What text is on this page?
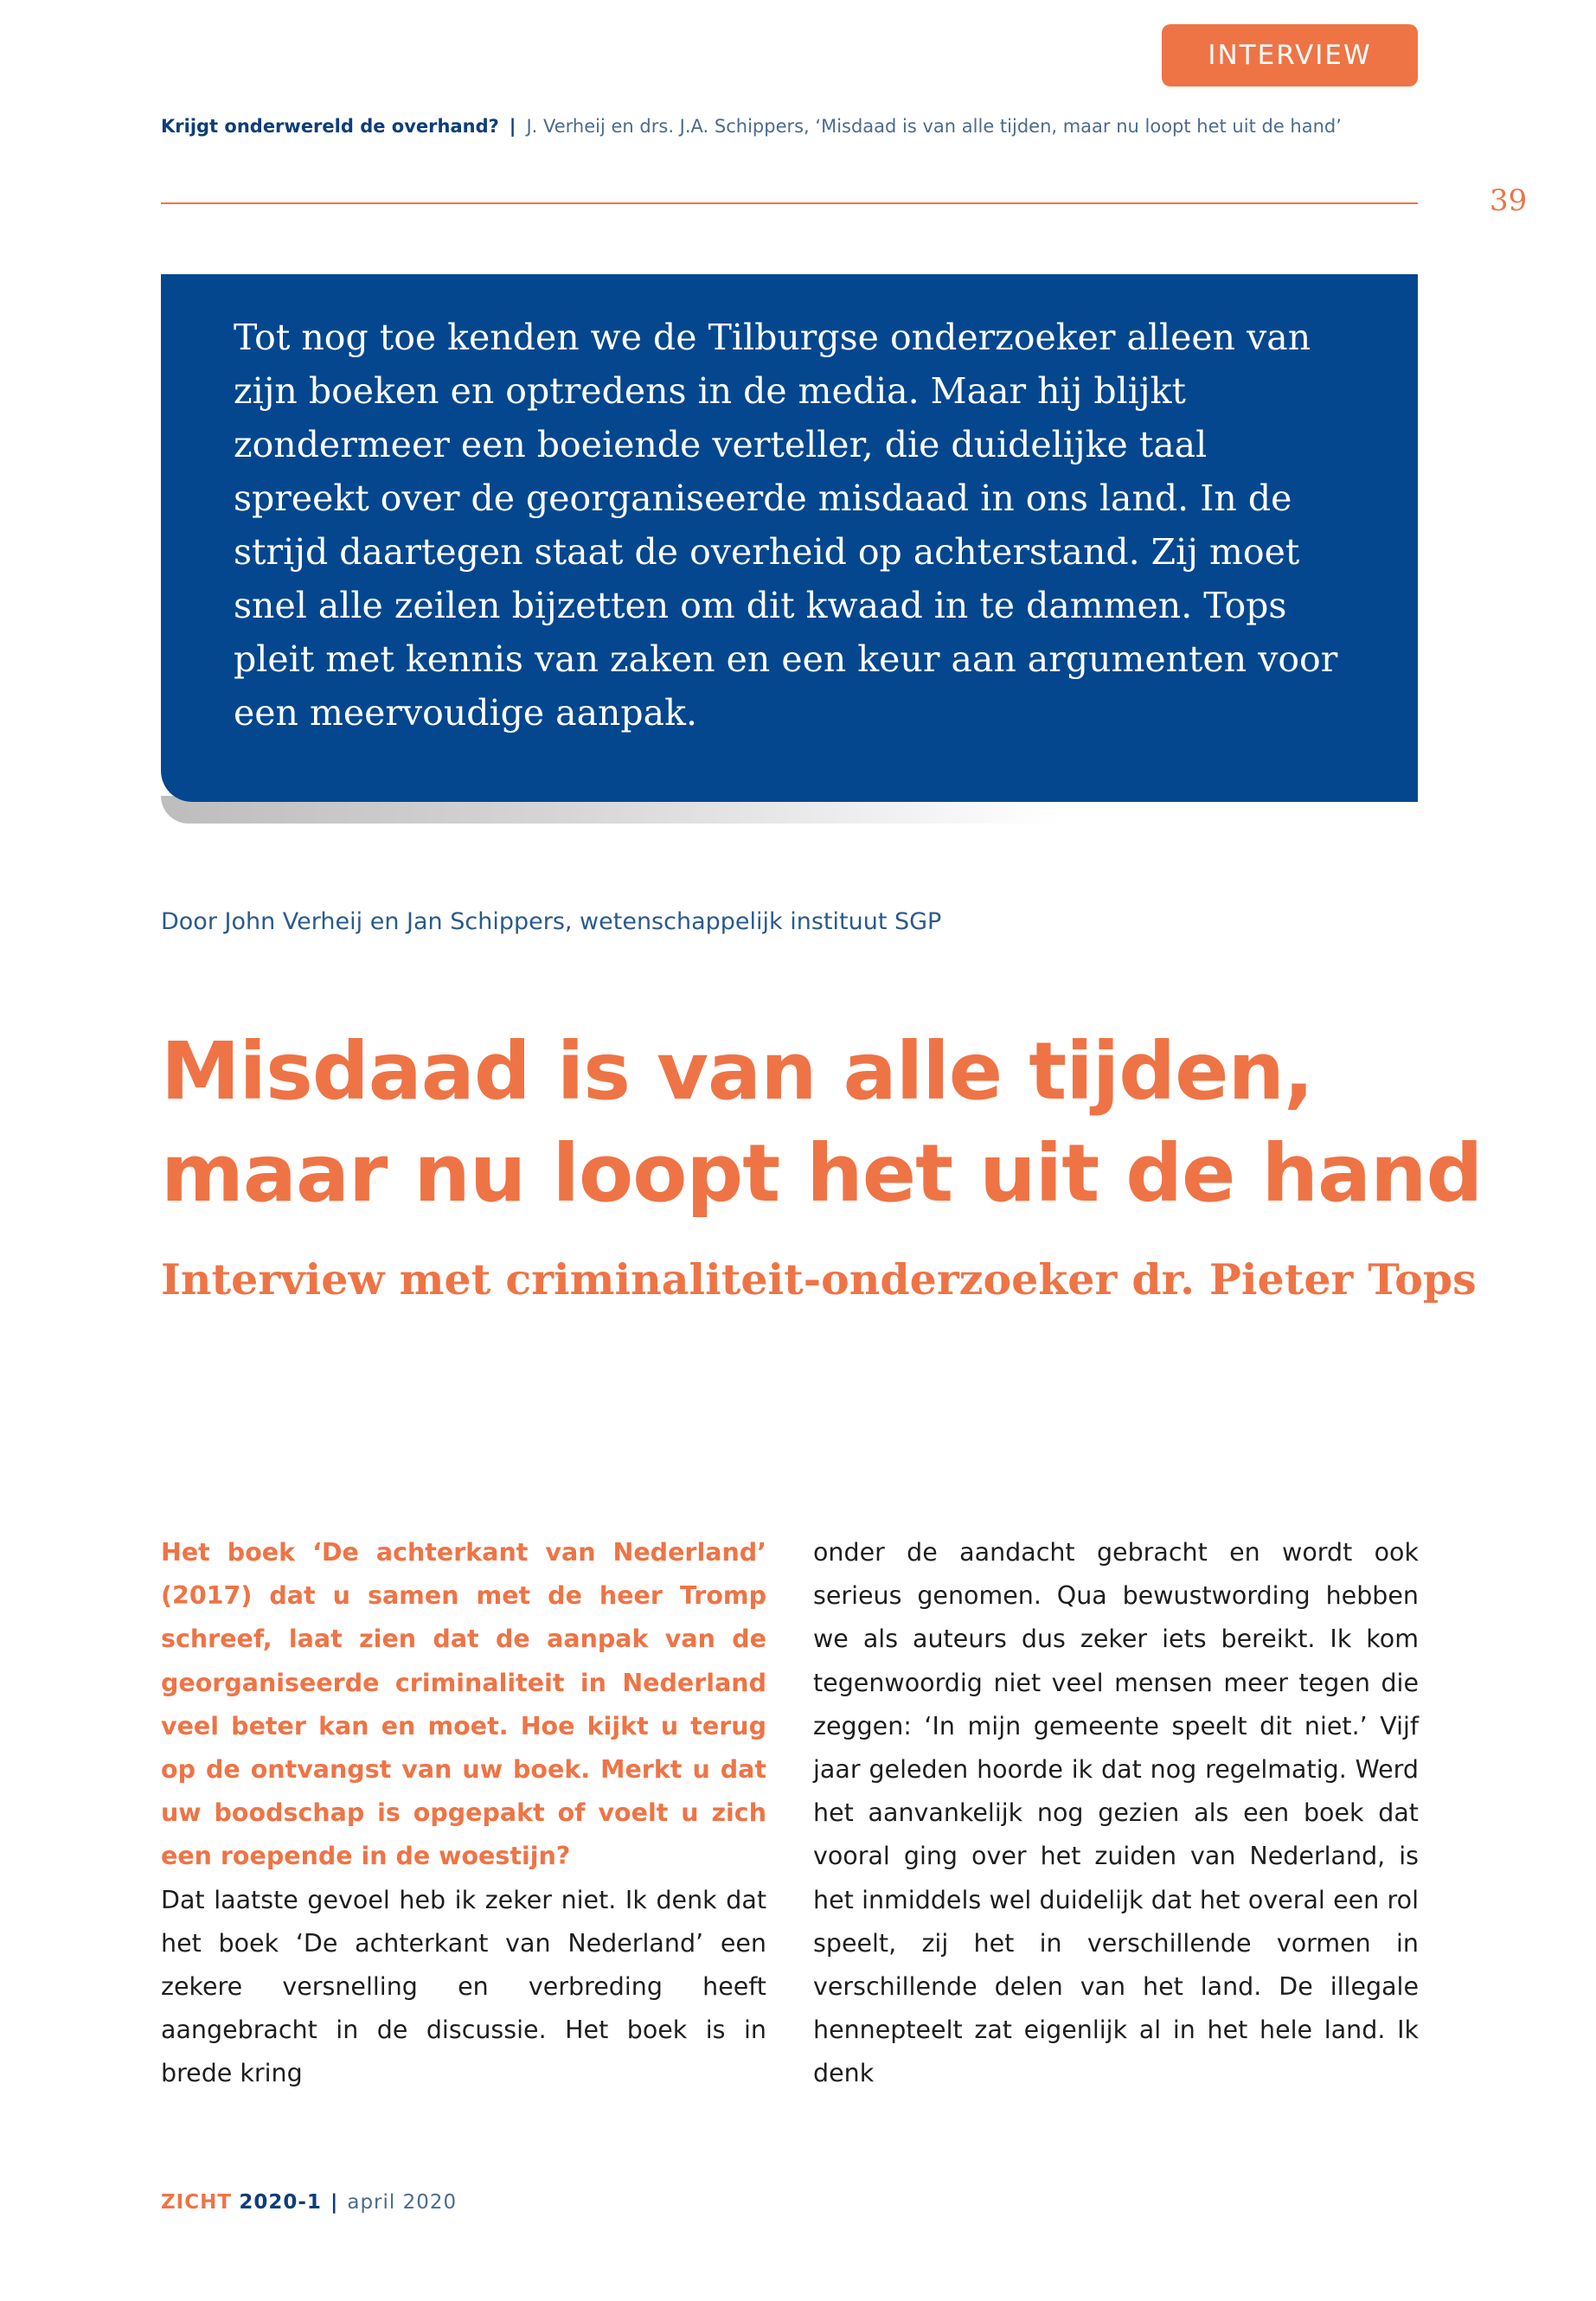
INTERVIEW
Krijgt onderwereld de overhand? | J. Verheij en drs. J.A. Schippers, ‘Misdaad is van alle tijden, maar nu loopt het uit de hand’
39

Tot nog toe kenden we de Tilburgse onderzoeker alleen van zijn boeken en optredens in de media. Maar hij blijkt zondermeer een boeiende verteller, die duidelijke taal spreekt over de georganiseerde misdaad in ons land. In de strijd daartegen staat de overheid op achterstand. Zij moet snel alle zeilen bijzetten om dit kwaad in te dammen. Tops pleit met kennis van zaken en een keur aan argumenten voor een meervoudige aanpak.

Door John Verheij en Jan Schippers, wetenschappelijk instituut SGP
Misdaad is van alle tijden,
maar nu loopt het uit de hand
Interview met criminaliteit-onderzoeker dr. Pieter Tops

Het boek ‘De achterkant van Nederland’ (2017) dat u samen met de heer Tromp schreef, laat zien dat de aanpak van de georganiseerde criminaliteit in Nederland veel beter kan en moet. Hoe kijkt u terug op de ontvangst van uw boek. Merkt u dat uw boodschap is opgepakt of voelt u zich een roepende in de woestijn?

Dat laatste gevoel heb ik zeker niet. Ik denk dat het boek ‘De achterkant van Nederland’ een zekere versnelling en verbreding heeft aangebracht in de discussie. Het boek is in brede kring

onder de aandacht gebracht en wordt ook serieus genomen. Qua bewustwording hebben we als auteurs dus zeker iets bereikt. Ik kom tegenwoordig niet veel mensen meer tegen die zeggen: ‘In mijn gemeente speelt dit niet.’ Vijf jaar geleden hoorde ik dat nog regelmatig. Werd het aanvankelijk nog gezien als een boek dat vooral ging over het zuiden van Nederland, is het inmiddels wel duidelijk dat het overal een rol speelt, zij het in verschillende vormen in verschillende delen van het land. De illegale hennepteelt zat eigenlijk al in het hele land. Ik denk

ZICHT 2020-1 | april 2020
